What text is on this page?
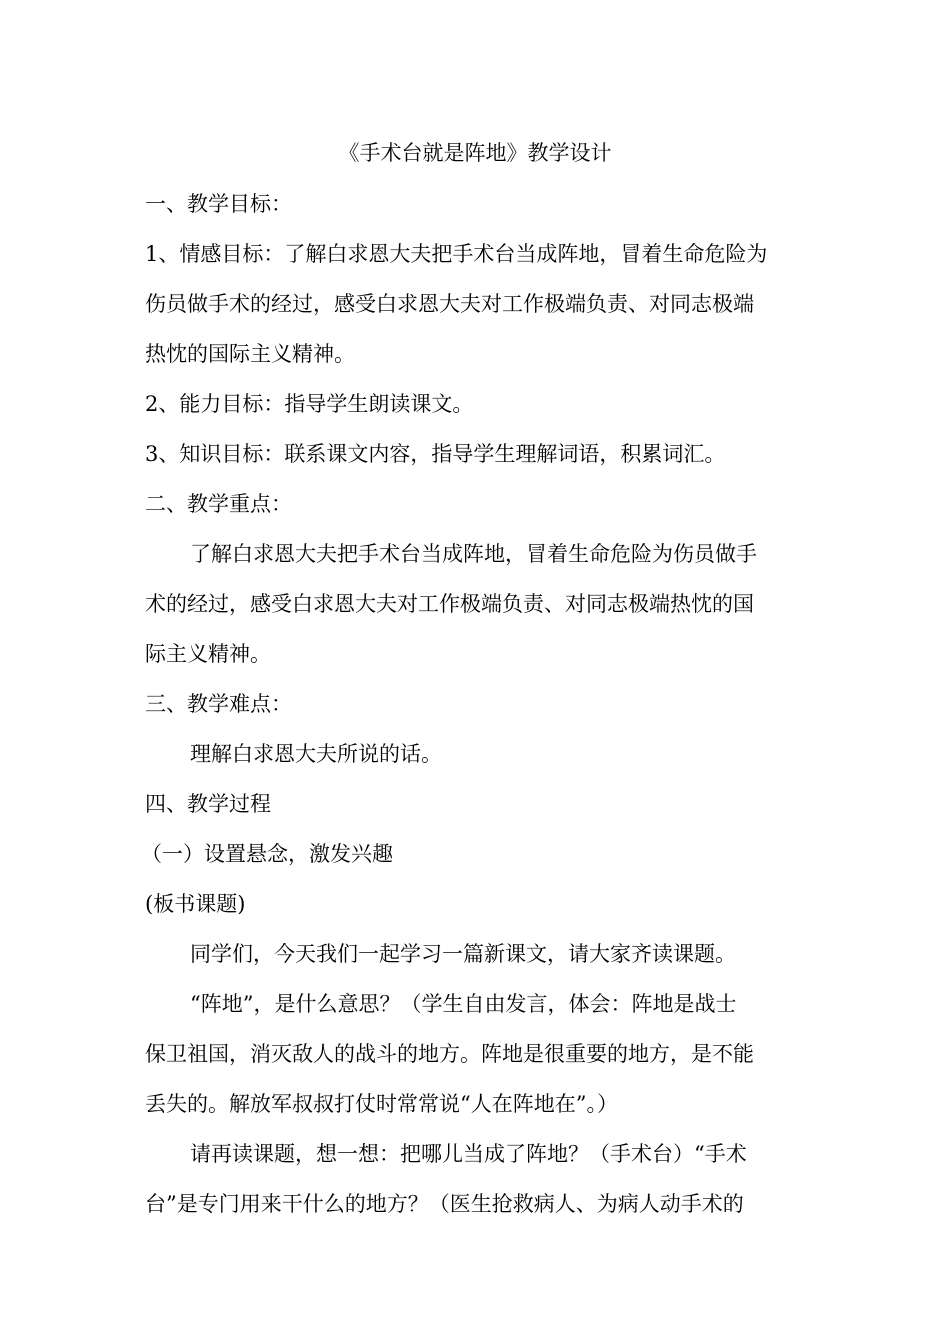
《手术台就是阵地》教学设计
一、教学目标：
1、情感目标：了解白求恩大夫把手术台当成阵地，冒着生命危险为
伤员做手术的经过，感受白求恩大夫对工作极端负责、对同志极端
热忱的国际主义精神。
2、能力目标：指导学生朗读课文。
3、知识目标：联系课文内容，指导学生理解词语，积累词汇。
二、教学重点：
了解白求恩大夫把手术台当成阵地，冒着生命危险为伤员做手
术的经过，感受白求恩大夫对工作极端负责、对同志极端热忱的国
际主义精神。
三、教学难点：
理解白求恩大夫所说的话。
四、教学过程
（一）设置悬念，激发兴趣
(板书课题)
同学们，今天我们一起学习一篇新课文，请大家齐读课题。
“阵地”，是什么意思？（学生自由发言，体会：阵地是战士
保卫祖国，消灭敌人的战斗的地方。阵地是很重要的地方，是不能
丢失的。解放军叔叔打仗时常常说“人在阵地在”。）
请再读课题，想一想：把哪儿当成了阵地？（手术台）“手术
台”是专门用来干什么的地方？（医生抢救病人、为病人动手术的
